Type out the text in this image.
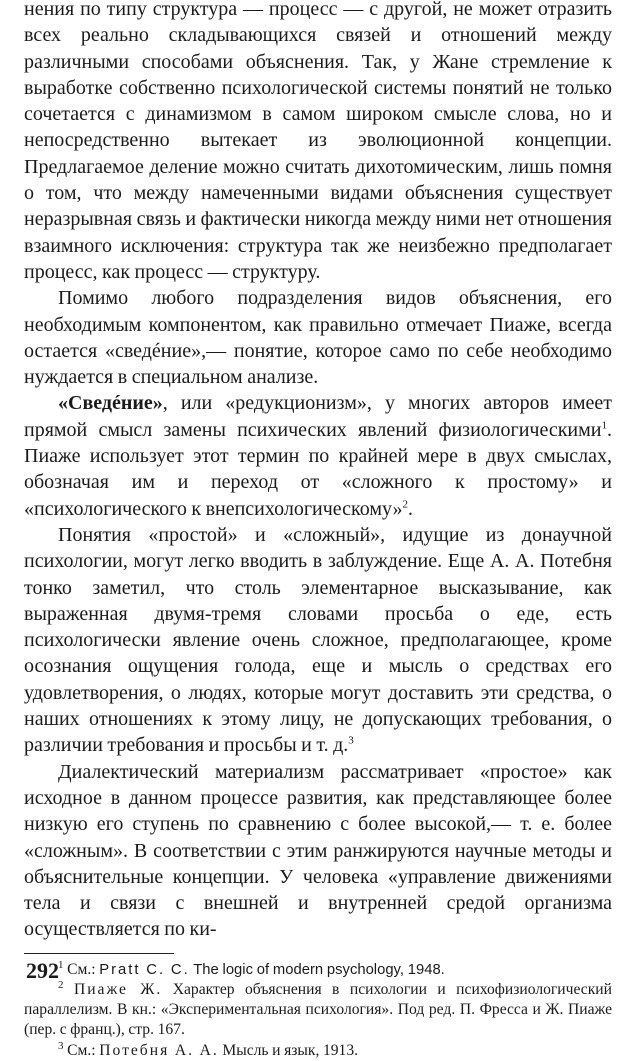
нения по типу структура — процесс — с другой, не может отразить всех реально складывающихся связей и отношений между различными способами объяснения. Так, у Жане стремление к выработке собственно психологической системы понятий не только сочетается с динамизмом в самом широком смысле слова, но и непосредственно вытекает из эволюционной концепции. Предлагаемое деление можно считать дихотомическим, лишь помня о том, что между намеченными видами объяснения существует неразрывная связь и фактически никогда между ними нет отношения взаимного исключения: структура так же неизбежно предполагает процесс, как процесс — структуру.

Помимо любого подразделения видов объяснения, его необходимым компонентом, как правильно отмечает Пиаже, всегда остается «сведéние»,— понятие, которое само по себе необходимо нуждается в специальном анализе.

«Сведéние», или «редукционизм», у многих авторов имеет прямой смысл замены психических явлений физиологическими$^1$. Пиаже использует этот термин по крайней мере в двух смыслах, обозначая им и переход от «сложного к простому» и «психологического к внепсихологическому»$^2$.

Понятия «простой» и «сложный», идущие из донаучной психологии, могут легко вводить в заблуждение. Еще А. А. Потебня тонко заметил, что столь элементарное высказывание, как выраженная двумя-тремя словами просьба о еде, есть психологически явление очень сложное, предполагающее, кроме осознания ощущения голода, еще и мысль о средствах его удовлетворения, о людях, которые могут доставить эти средства, о наших отношениях к этому лицу, не допускающих требования, о различии требования и просьбы и т. д.$^3$

Диалектический материализм рассматривает «простое» как исходное в данном процессе развития, как представляющее более низкую его ступень по сравнению с более высокой,— т. е. более «сложным». В соответствии с этим ранжируются научные методы и объяснительные концепции. У человека «управление движениями тела и связи с внешней и внутренней средой организма осуществляется по ки-

$^1$ См.: Pratt C. C. The logic of modern psychology, 1948.

$^2$ Пиаже Ж. Характер объяснения в психологии и психофизиологический параллелизм. В кн.: «Экспериментальная психология». Под ред. П. Фресса и Ж. Пиаже (пер. с франц.), стр. 167.

$^3$ См.: Потебня А. А. Мысль и язык, 1913.

292
